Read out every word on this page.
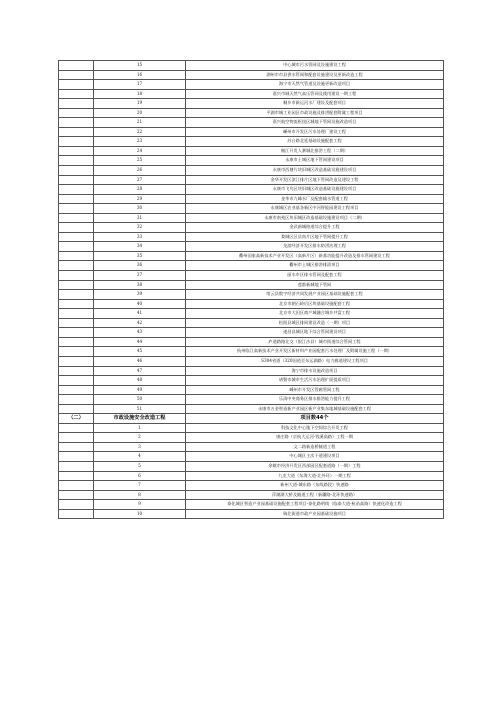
	15	中心城市污水管网及设施建设工程
	16	湖州市市县供水管网和配套设施建设及更新改造工程
	17	海宁市天然气管道及设施更新改造项目
	18	嘉兴市城天然气高压管网及使用建设一期工程
	19	桐乡市新运河水厂建设及配套项目
	20	平湖市城工业园区市政设施及排涝配套附属工程项目
	21	嘉兴航空物流枢纽区城地下管网设施改造项目
	22	嵊州市开发区污水处理厂建设工程
	23	苏台路北延基础设施配套工程
	24	椒江开发人赛城北排涝工程（二期）
	25	永康市土城区地下管网建设项目
	26	永康市西塘片块旧城区改造基础设施建设项目
	27	金华开发区滨江排片区地下管网改造及建设工程
	28	永康市飞鸟区块旧城区改造基础设施建设项目
	29	金华市九峰水厂及配套输水管道工程
	30	永康城区农业基各新区中河智能园建设工程项目
	31	永康市南苑区块旧城区改造基础设施建设项目（二期）
	32	金武新城陪道综合提升工程
	33	婺城区区县南片区地下管网提升工程
	34	龙游经济开发区排水防涝治理工程
	35	衢州国家高新技术产业开发区（高新片区）新基功能提升改造及排水管网建设工程
	36	衢州市土城区排涝排渍项目
	37	丽水市区排水管网及配套工程
	38	莲都新城地下管网
	39	缙云县数字经济共同发展产业园区基础设施配套工程
	40	北京市朝石岭后区块基础设施配套工程
	41	北京市大田区商产城融合城乡共富工程
	42	松阳县城区排网建设改造（一期）项目
	43	遂昌县城区地下综合管网建设项目
	44	庐道路路北交（银江沙县）城市街道综合管网工程
	45	杭州临江高新技术产业开发区新材料产业园配套污水处理厂及附属设施工程（一期）
	46	S304省道（320国道至东运湖路）电力廊道建设工程项目
	47	海宁市排水设施改造项目
	48	诸暨市城市生活污水治理扩面提质项目
	49	嵊州市开发区管廊管网工程
	50	乐清中央商务区排水排涝能力提升工程
	51	永康市五金智造新产业园区新产业集东地城基础设施配套工程
（二）	市政设施安全改造工程	项目数44个
	1	科技文化中心地下空间综合开发工程
	2	康庄路（京杭大运河-钱溪高路）工程一期
	3	文二路新造桥隧道工程
	4	中心城区主次干道建设项目
	5	余姚市经济开发区西部园区配套道路（一期）工程
	6	九龙大道（东海大道-北外环）一期工程
	7	新州大道-城东路（东线路段）快速路
	8	萍湖湖大桥及隧道工程（新疆路-北环快速路）
	9	泰化城区智造产业园基础设施配套工程项目-泰化路明线（临泰大道-杭甬高路）快速化改造工程
	10	瑞北街道市政产业园基础设施项目
